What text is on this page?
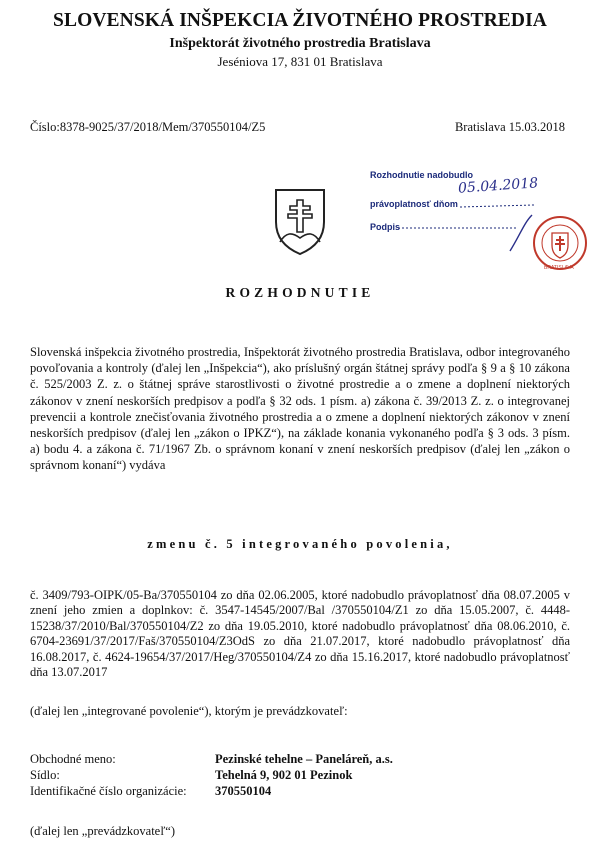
SLOVENSKÁ INŠPEKCIA ŽIVOTNÉHO PROSTREDIA
Inšpektorát životného prostredia Bratislava
Jeséniova 17, 831 01 Bratislava
Číslo:8378-9025/37/2018/Mem/370550104/Z5	Bratislava 15.03.2018
Rozhodnutie nadobudlo
právoplatnosť dňom
Podpis
05.04.2018
BRATISLAVA
ROZHODNUTIE
Slovenská inšpekcia životného prostredia, Inšpektorát životného prostredia Bratislava, odbor integrovaného povoľovania a kontroly (ďalej len „Inšpekcia“), ako príslušný orgán štátnej správy podľa § 9 a § 10 zákona č. 525/2003 Z. z. o štátnej správe starostlivosti o životné prostredie a o zmene a doplnení niektorých zákonov v znení neskorších predpisov a podľa § 32 ods. 1 písm. a) zákona č. 39/2013 Z. z. o integrovanej prevencii a kontrole znečisťovania životného prostredia a o zmene a doplnení niektorých zákonov v znení neskorších predpisov (ďalej len „zákon o IPKZ“), na základe konania vykonaného podľa § 3 ods. 3 písm. a) bodu 4. a zákona č. 71/1967 Zb. o správnom konaní v znení neskorších predpisov (ďalej len „zákon o správnom konaní“) vydáva
zmenu č. 5 integrovaného povolenia,
č. 3409/793-OIPK/05-Ba/370550104 zo dňa 02.06.2005, ktoré nadobudlo právoplatnosť dňa 08.07.2005 v znení jeho zmien a doplnkov: č. 3547-14545/2007/Bal /370550104/Z1 zo dňa 15.05.2007, č. 4448-15238/37/2010/Bal/370550104/Z2 zo dňa 19.05.2010, ktoré nadobudlo právoplatnosť dňa 08.06.2010, č. 6704-23691/37/2017/Faš/370550104/Z3OdS zo dňa 21.07.2017, ktoré nadobudlo právoplatnosť dňa 16.08.2017, č. 4624-19654/37/2017/Heg/370550104/Z4 zo dňa 15.16.2017, ktoré nadobudlo právoplatnosť dňa 13.07.2017
(ďalej len „integrované povolenie“), ktorým je prevádzkovateľ:
Obchodné meno:	Pezinské tehelne – Paneláreň, a.s.
Sídlo:	Tehelná 9, 902 01 Pezinok
Identifikačné číslo organizácie: 370550104
(ďalej len „prevádzkovateľ“)
